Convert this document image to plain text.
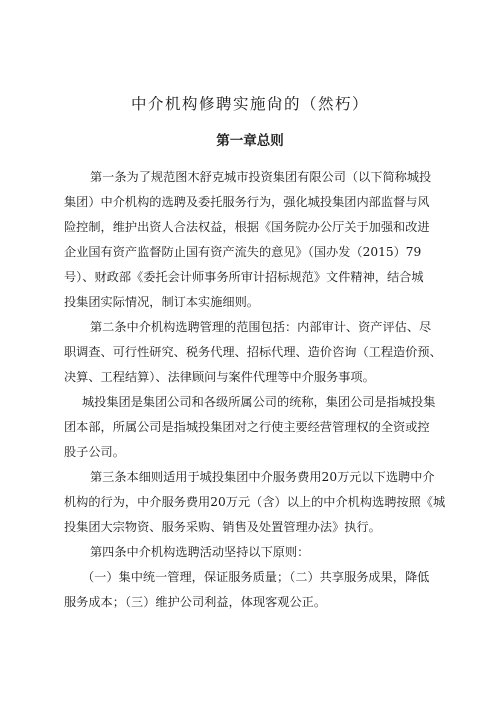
中介机构修聘实施尙的（然朽）
第一章总则
第一条为了规范图木舒克城市投资集团有限公司（以下简称城投
集团）中介机构的选聘及委托服务行为，强化城投集团内部监督与风
险控制，维护出资人合法权益，根据《国务院办公厅关于加强和改进
企业国有资产监督防止国有资产流失的意见》（国办发（2015）79
号）、财政部《委托会计师事务所审计招标规范》文件精神，结合城
投集团实际情况，制订本实施细则。
第二条中介机构选聘管理的范围包括：内部审计、资产评估、尽
职调查、可行性研究、税务代理、招标代理、造价咨询（工程造价预、
决算、工程结算）、法律顾问与案件代理等中介服务事项。
城投集团是集团公司和各级所属公司的统称，集团公司是指城投集
团本部，所属公司是指城投集团对之行使主要经营管理权的全资或控
股子公司。
第三条本细则适用于城投集团中介服务费用20万元以下选聘中介
机构的行为，中介服务费用20万元（含）以上的中介机构选聘按照《城
投集团大宗物资、服务采购、销售及处置管理办法》执行。
第四条中介机构选聘活动坚持以下原则：
（一）集中统一管理，保证服务质量；（二）共享服务成果，降低
服务成本；（三）维护公司利益，体现客观公正。
